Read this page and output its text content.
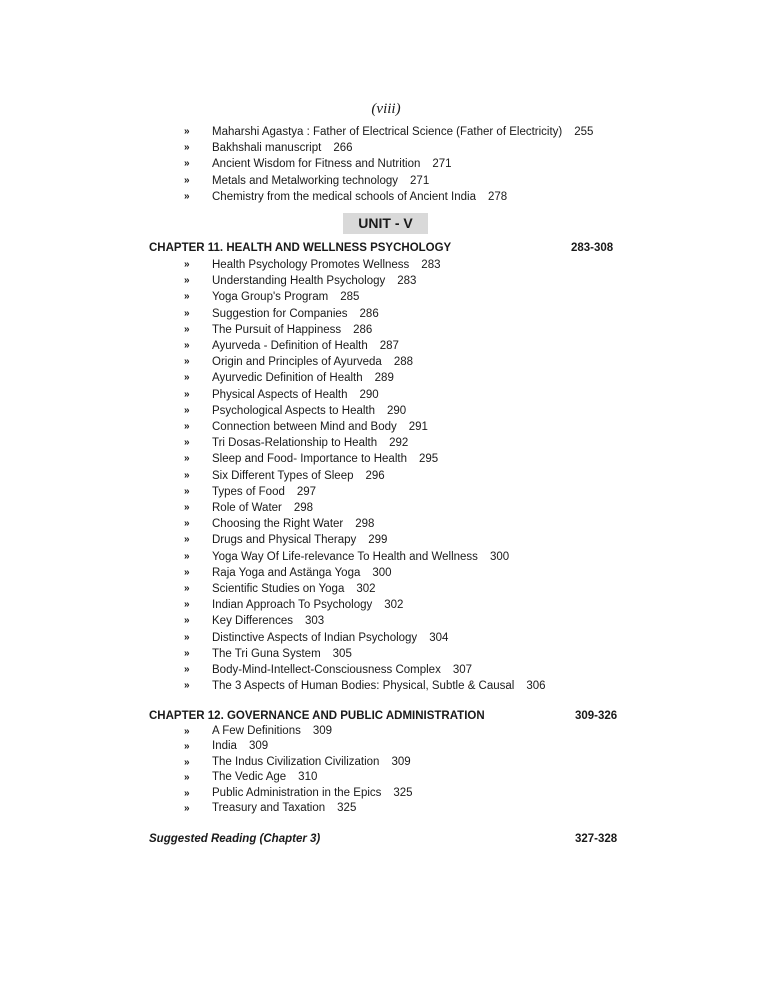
(viii)
» Maharshi Agastya : Father of Electrical Science (Father of Electricity) 255
» Bakhshali manuscript 266
» Ancient Wisdom for Fitness and Nutrition 271
» Metals and Metalworking technology 271
» Chemistry from the medical schools of Ancient India 278
UNIT - V
CHAPTER 11. HEALTH AND WELLNESS PSYCHOLOGY	283-308
» Health Psychology Promotes Wellness 283
» Understanding Health Psychology 283
» Yoga Group's Program 285
» Suggestion for Companies 286
» The Pursuit of Happiness 286
» Ayurveda - Definition of Health 287
» Origin and Principles of Ayurveda 288
» Ayurvedic Definition of Health 289
» Physical Aspects of Health 290
» Psychological Aspects to Health 290
» Connection between Mind and Body 291
» Tri Dosas-Relationship to Health 292
» Sleep and Food- Importance to Health 295
» Six Different Types of Sleep 296
» Types of Food 297
» Role of Water 298
» Choosing the Right Water 298
» Drugs and Physical Therapy 299
» Yoga Way Of Life-relevance To Health and Wellness 300
» Raja Yoga and Astänga Yoga 300
» Scientific Studies on Yoga 302
» Indian Approach To Psychology 302
» Key Differences 303
» Distinctive Aspects of Indian Psychology 304
» The Tri Guna System 305
» Body-Mind-Intellect-Consciousness Complex 307
» The 3 Aspects of Human Bodies: Physical, Subtle & Causal 306
CHAPTER 12. GOVERNANCE AND PUBLIC ADMINISTRATION	309-326
» A Few Definitions 309
» India 309
» The Indus Civilization Civilization 309
» The Vedic Age 310
» Public Administration in the Epics 325
» Treasury and Taxation 325
Suggested Reading (Chapter 3)	327-328
